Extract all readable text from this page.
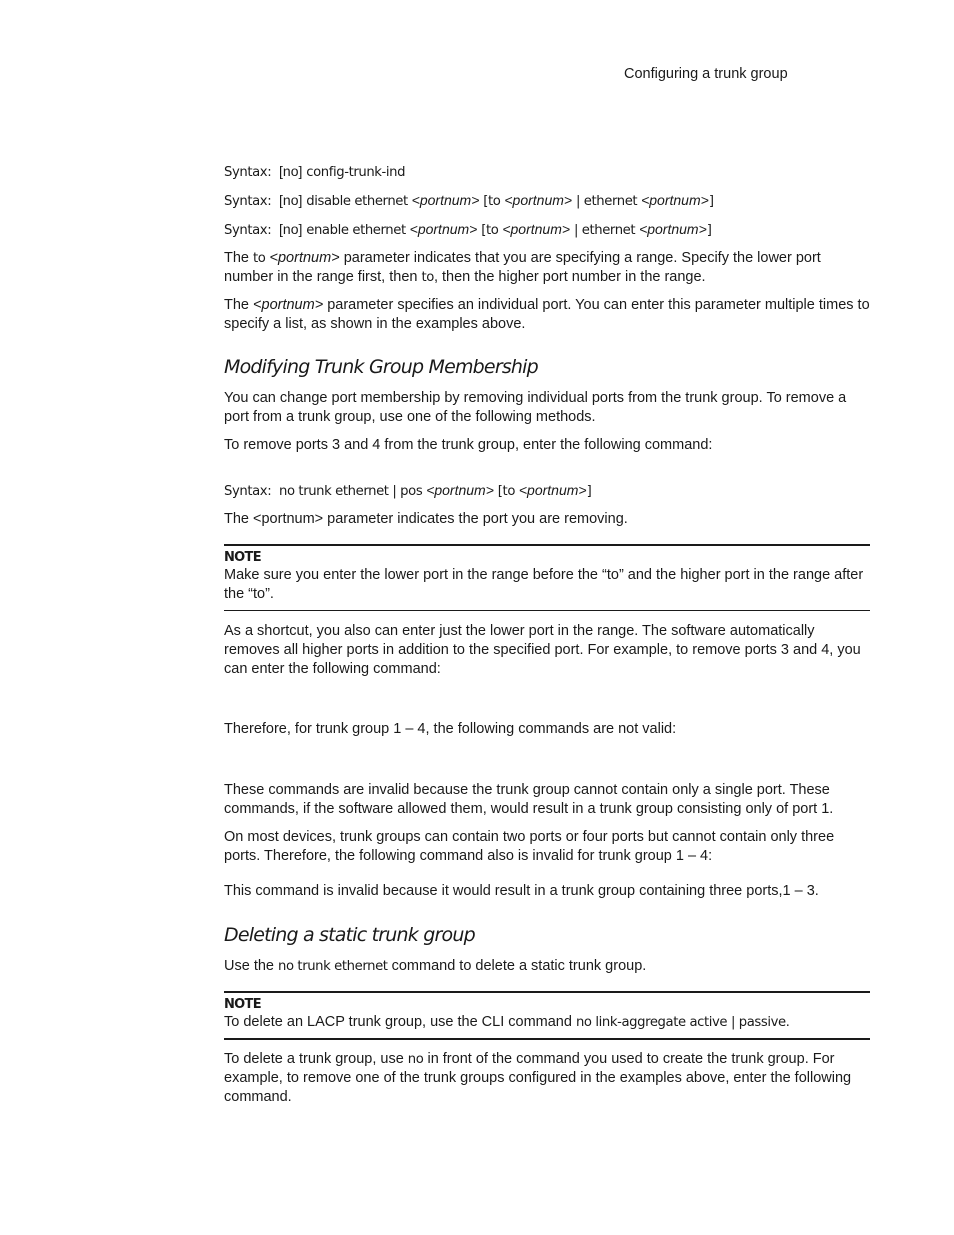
Configuring a trunk group
Syntax: [no] config-trunk-ind
Syntax: [no] disable ethernet <portnum> [to <portnum> | ethernet <portnum>]
Syntax: [no] enable ethernet <portnum> [to <portnum> | ethernet <portnum>]

The to <portnum> parameter indicates that you are specifying a range. Specify the lower port number in the range first, then to, then the higher port number in the range.

The <portnum> parameter specifies an individual port. You can enter this parameter multiple times to specify a list, as shown in the examples above.

Modifying Trunk Group Membership

You can change port membership by removing individual ports from the trunk group. To remove a port from a trunk group, use one of the following methods.

To remove ports 3 and 4 from the trunk group, enter the following command:

Syntax: no trunk ethernet | pos <portnum> [to <portnum>]

The <portnum> parameter indicates the port you are removing.

NOTE

Make sure you enter the lower port in the range before the “to” and the higher port in the range after the “to”.

As a shortcut, you also can enter just the lower port in the range. The software automatically removes all higher ports in addition to the specified port. For example, to remove ports 3 and 4, you can enter the following command:

Therefore, for trunk group 1 – 4, the following commands are not valid:

These commands are invalid because the trunk group cannot contain only a single port. These commands, if the software allowed them, would result in a trunk group consisting only of port 1.

On most devices, trunk groups can contain two ports or four ports but cannot contain only three ports. Therefore, the following command also is invalid for trunk group 1 – 4:

This command is invalid because it would result in a trunk group containing three ports,1 – 3.

Deleting a static trunk group

Use the no trunk ethernet command to delete a static trunk group.

NOTE

To delete an LACP trunk group, use the CLI command no link-aggregate active | passive.

To delete a trunk group, use no in front of the command you used to create the trunk group. For example, to remove one of the trunk groups configured in the examples above, enter the following command.
